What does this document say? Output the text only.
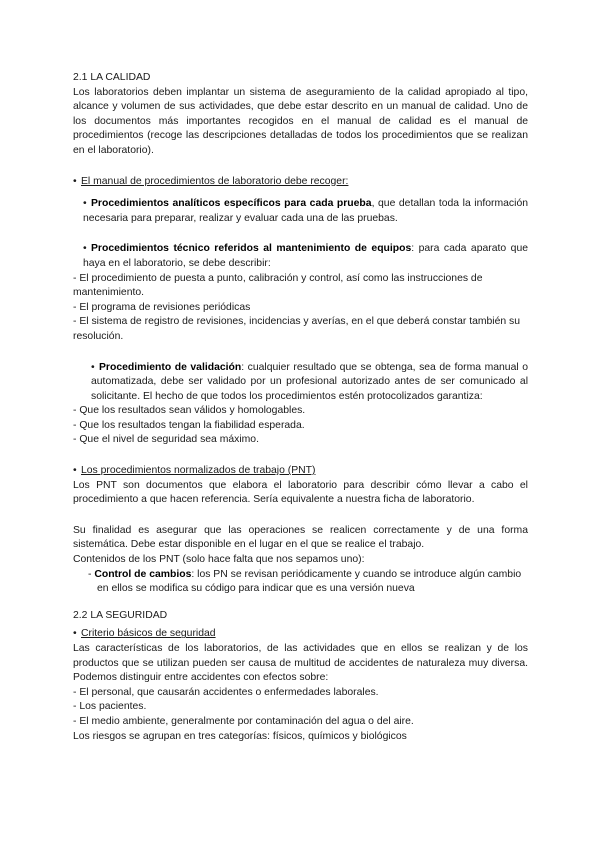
2.1 LA CALIDAD

Los laboratorios deben implantar un sistema de aseguramiento de la calidad apropiado al tipo, alcance y volumen de sus actividades, que debe estar descrito en un manual de calidad. Uno de los documentos más importantes recogidos en el manual de calidad es el manual de procedimientos (recoge las descripciones detalladas de todos los procedimientos que se realizan en el laboratorio).

• El manual de procedimientos de laboratorio debe recoger:

• Procedimientos analíticos específicos para cada prueba, que detallan toda la información necesaria para preparar, realizar y evaluar cada una de las pruebas.

• Procedimientos técnico referidos al mantenimiento de equipos: para cada aparato que haya en el laboratorio, se debe describir:

- El procedimiento de puesta a punto, calibración y control, así como las instrucciones de mantenimiento.

- El programa de revisiones periódicas

- El sistema de registro de revisiones, incidencias y averías, en el que deberá constar también su resolución.

• Procedimiento de validación: cualquier resultado que se obtenga, sea de forma manual o automatizada, debe ser validado por un profesional autorizado antes de ser comunicado al solicitante. El hecho de que todos los procedimientos estén protocolizados garantiza:

- Que los resultados sean válidos y homologables.

- Que los resultados tengan la fiabilidad esperada.

- Que el nivel de seguridad sea máximo.

• Los procedimientos normalizados de trabajo (PNT)

Los PNT son documentos que elabora el laboratorio para describir cómo llevar a cabo el procedimiento a que hacen referencia. Sería equivalente a nuestra ficha de laboratorio.

Su finalidad es asegurar que las operaciones se realicen correctamente y de una forma sistemática. Debe estar disponible en el lugar en el que se realice el trabajo.

Contenidos de los PNT (solo hace falta que nos sepamos uno):

- Control de cambios: los PN se revisan periódicamente y cuando se introduce algún cambio en ellos se modifica su código para indicar que es una versión nueva

2.2 LA SEGURIDAD

• Criterio básicos de seguridad

Las características de los laboratorios, de las actividades que en ellos se realizan y de los productos que se utilizan pueden ser causa de multitud de accidentes de naturaleza muy diversa. Podemos distinguir entre accidentes con efectos sobre:

- El personal, que causarán accidentes o enfermedades laborales.

- Los pacientes.

- El medio ambiente, generalmente por contaminación del agua o del aire.

Los riesgos se agrupan en tres categorías: físicos, químicos y biológicos
